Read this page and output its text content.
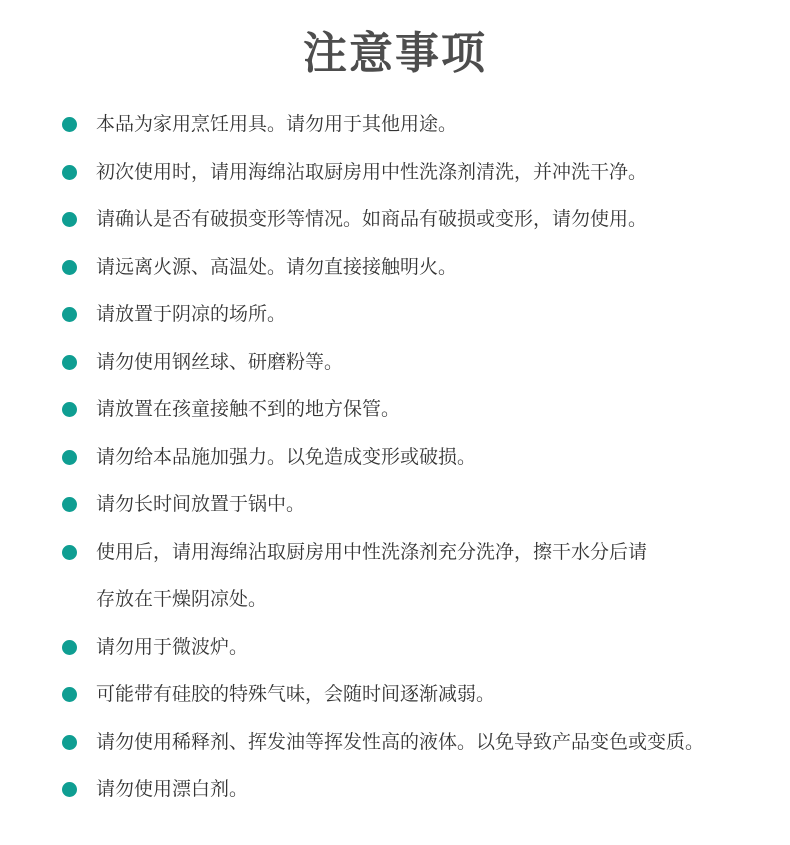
注意事项
本品为家用烹饪用具。请勿用于其他用途。
初次使用时，请用海绵沾取厨房用中性洗涤剂清洗，并冲洗干净。
请确认是否有破损变形等情况。如商品有破损或变形，请勿使用。
请远离火源、高温处。请勿直接接触明火。
请放置于阴凉的场所。
请勿使用钢丝球、研磨粉等。
请放置在孩童接触不到的地方保管。
请勿给本品施加强力。以免造成变形或破损。
请勿长时间放置于锅中。
使用后，请用海绵沾取厨房用中性洗涤剂充分洗净，擦干水分后请
存放在干燥阴凉处。
请勿用于微波炉。
可能带有硅胶的特殊气味，会随时间逐渐减弱。
请勿使用稀释剂、挥发油等挥发性高的液体。以免导致产品变色或变质。
请勿使用漂白剂。
